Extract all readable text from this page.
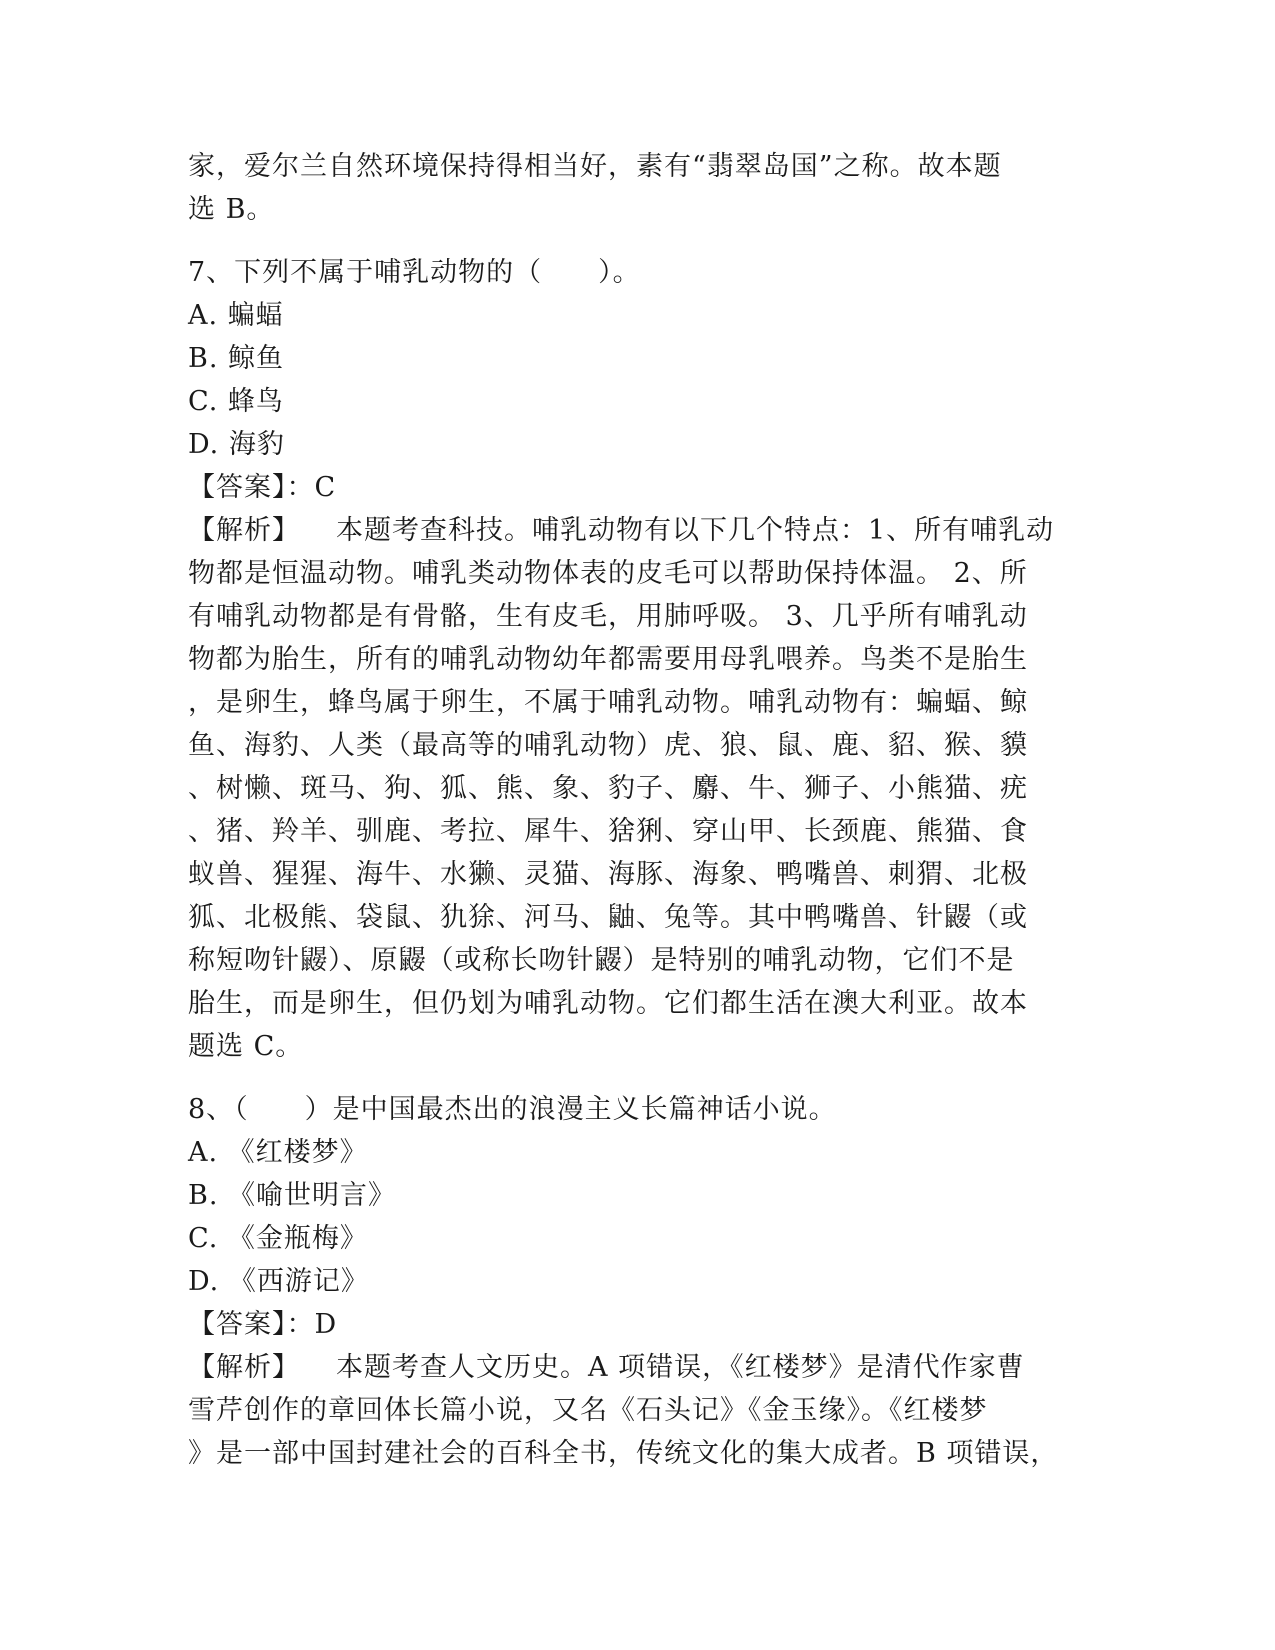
家，爱尔兰自然环境保持得相当好，素有“翡翠岛国”之称。故本题
选 B。
7、下列不属于哺乳动物的（　　）。
A. 蝙蝠
B. 鲸鱼
C. 蜂鸟
D. 海豹
【答案】：C
【解析】 本题考查科技。哺乳动物有以下几个特点：1、所有哺乳动
物都是恒温动物。哺乳类动物体表的皮毛可以帮助保持体温。 2、所
有哺乳动物都是有骨骼，生有皮毛，用肺呼吸。 3、几乎所有哺乳动
物都为胎生，所有的哺乳动物幼年都需要用母乳喂养。鸟类不是胎生
，是卵生，蜂鸟属于卵生，不属于哺乳动物。哺乳动物有：蝙蝠、鲸
鱼、海豹、人类（最高等的哺乳动物）虎、狼、鼠、鹿、貂、猴、貘
、树懒、斑马、狗、狐、熊、象、豹子、麝、牛、狮子、小熊猫、疣
、猪、羚羊、驯鹿、考拉、犀牛、猞猁、穿山甲、长颈鹿、熊猫、食
蚁兽、猩猩、海牛、水獭、灵猫、海豚、海象、鸭嘴兽、刺猬、北极
狐、北极熊、袋鼠、犰狳、河马、鼬、兔等。其中鸭嘴兽、针鼹（或
称短吻针鼹）、原鼹（或称长吻针鼹）是特别的哺乳动物，它们不是
胎生，而是卵生，但仍划为哺乳动物。它们都生活在澳大利亚。故本
题选 C。
8、（　　）是中国最杰出的浪漫主义长篇神话小说。
A. 《红楼梦》
B. 《喻世明言》
C. 《金瓶梅》
D. 《西游记》
【答案】：D
【解析】 本题考查人文历史。A 项错误，《红楼梦》是清代作家曹
雪芹创作的章回体长篇小说，又名《石头记》《金玉缘》。《红楼梦
》是一部中国封建社会的百科全书，传统文化的集大成者。B 项错误，
